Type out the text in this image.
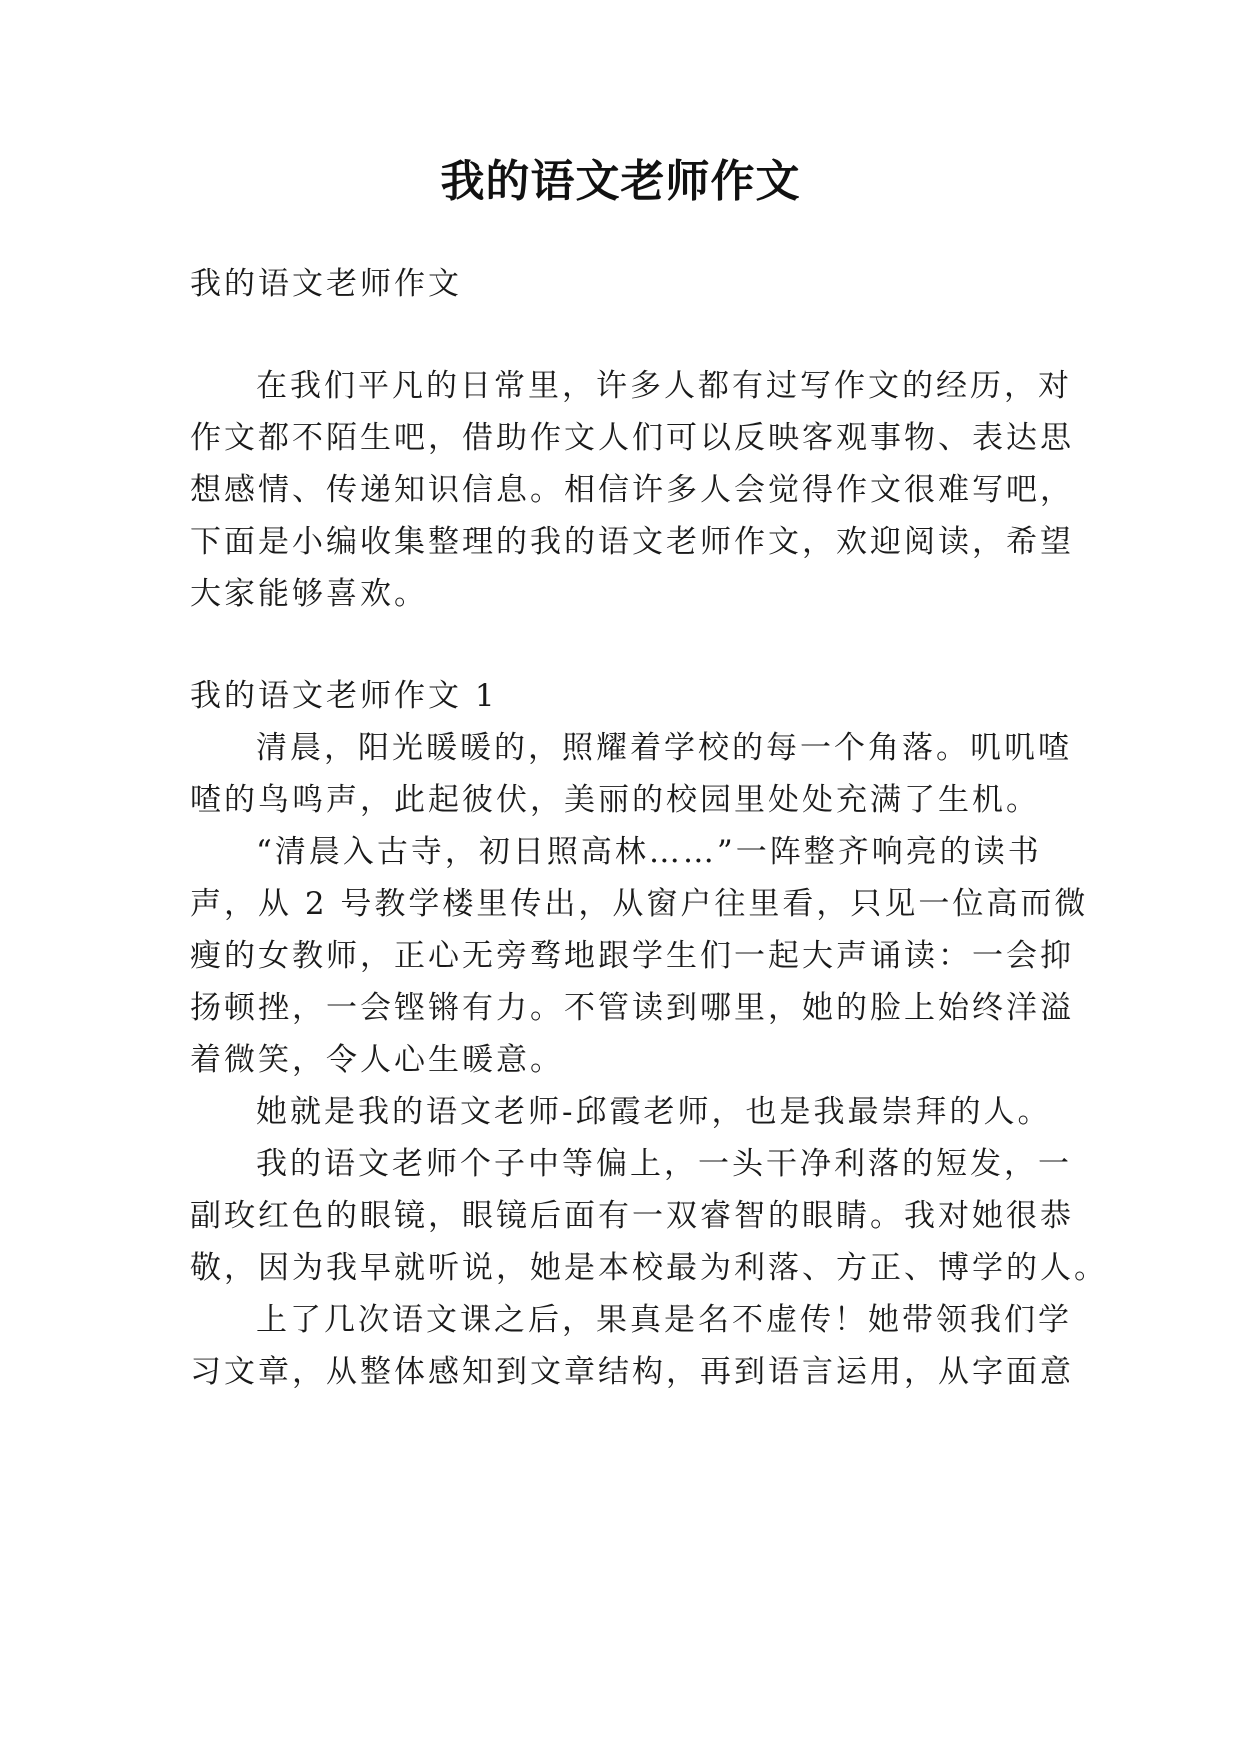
我的语文老师作文
我的语文老师作文
在我们平凡的日常里，许多人都有过写作文的经历，对
作文都不陌生吧，借助作文人们可以反映客观事物、表达思
想感情、传递知识信息。相信许多人会觉得作文很难写吧，
下面是小编收集整理的我的语文老师作文，欢迎阅读，希望
大家能够喜欢。
我的语文老师作文 1
清晨，阳光暖暖的，照耀着学校的每一个角落。叽叽喳
喳的鸟鸣声，此起彼伏，美丽的校园里处处充满了生机。
“清晨入古寺，初日照高林……”一阵整齐响亮的读书
声，从 2 号教学楼里传出，从窗户往里看，只见一位高而微
瘦的女教师，正心无旁骛地跟学生们一起大声诵读：一会抑
扬顿挫，一会铿锵有力。不管读到哪里，她的脸上始终洋溢
着微笑，令人心生暖意。
她就是我的语文老师-邱霞老师，也是我最崇拜的人。
我的语文老师个子中等偏上，一头干净利落的短发，一
副玫红色的眼镜，眼镜后面有一双睿智的眼睛。我对她很恭
敬，因为我早就听说，她是本校最为利落、方正、博学的人。
上了几次语文课之后，果真是名不虚传！她带领我们学
习文章，从整体感知到文章结构，再到语言运用，从字面意
